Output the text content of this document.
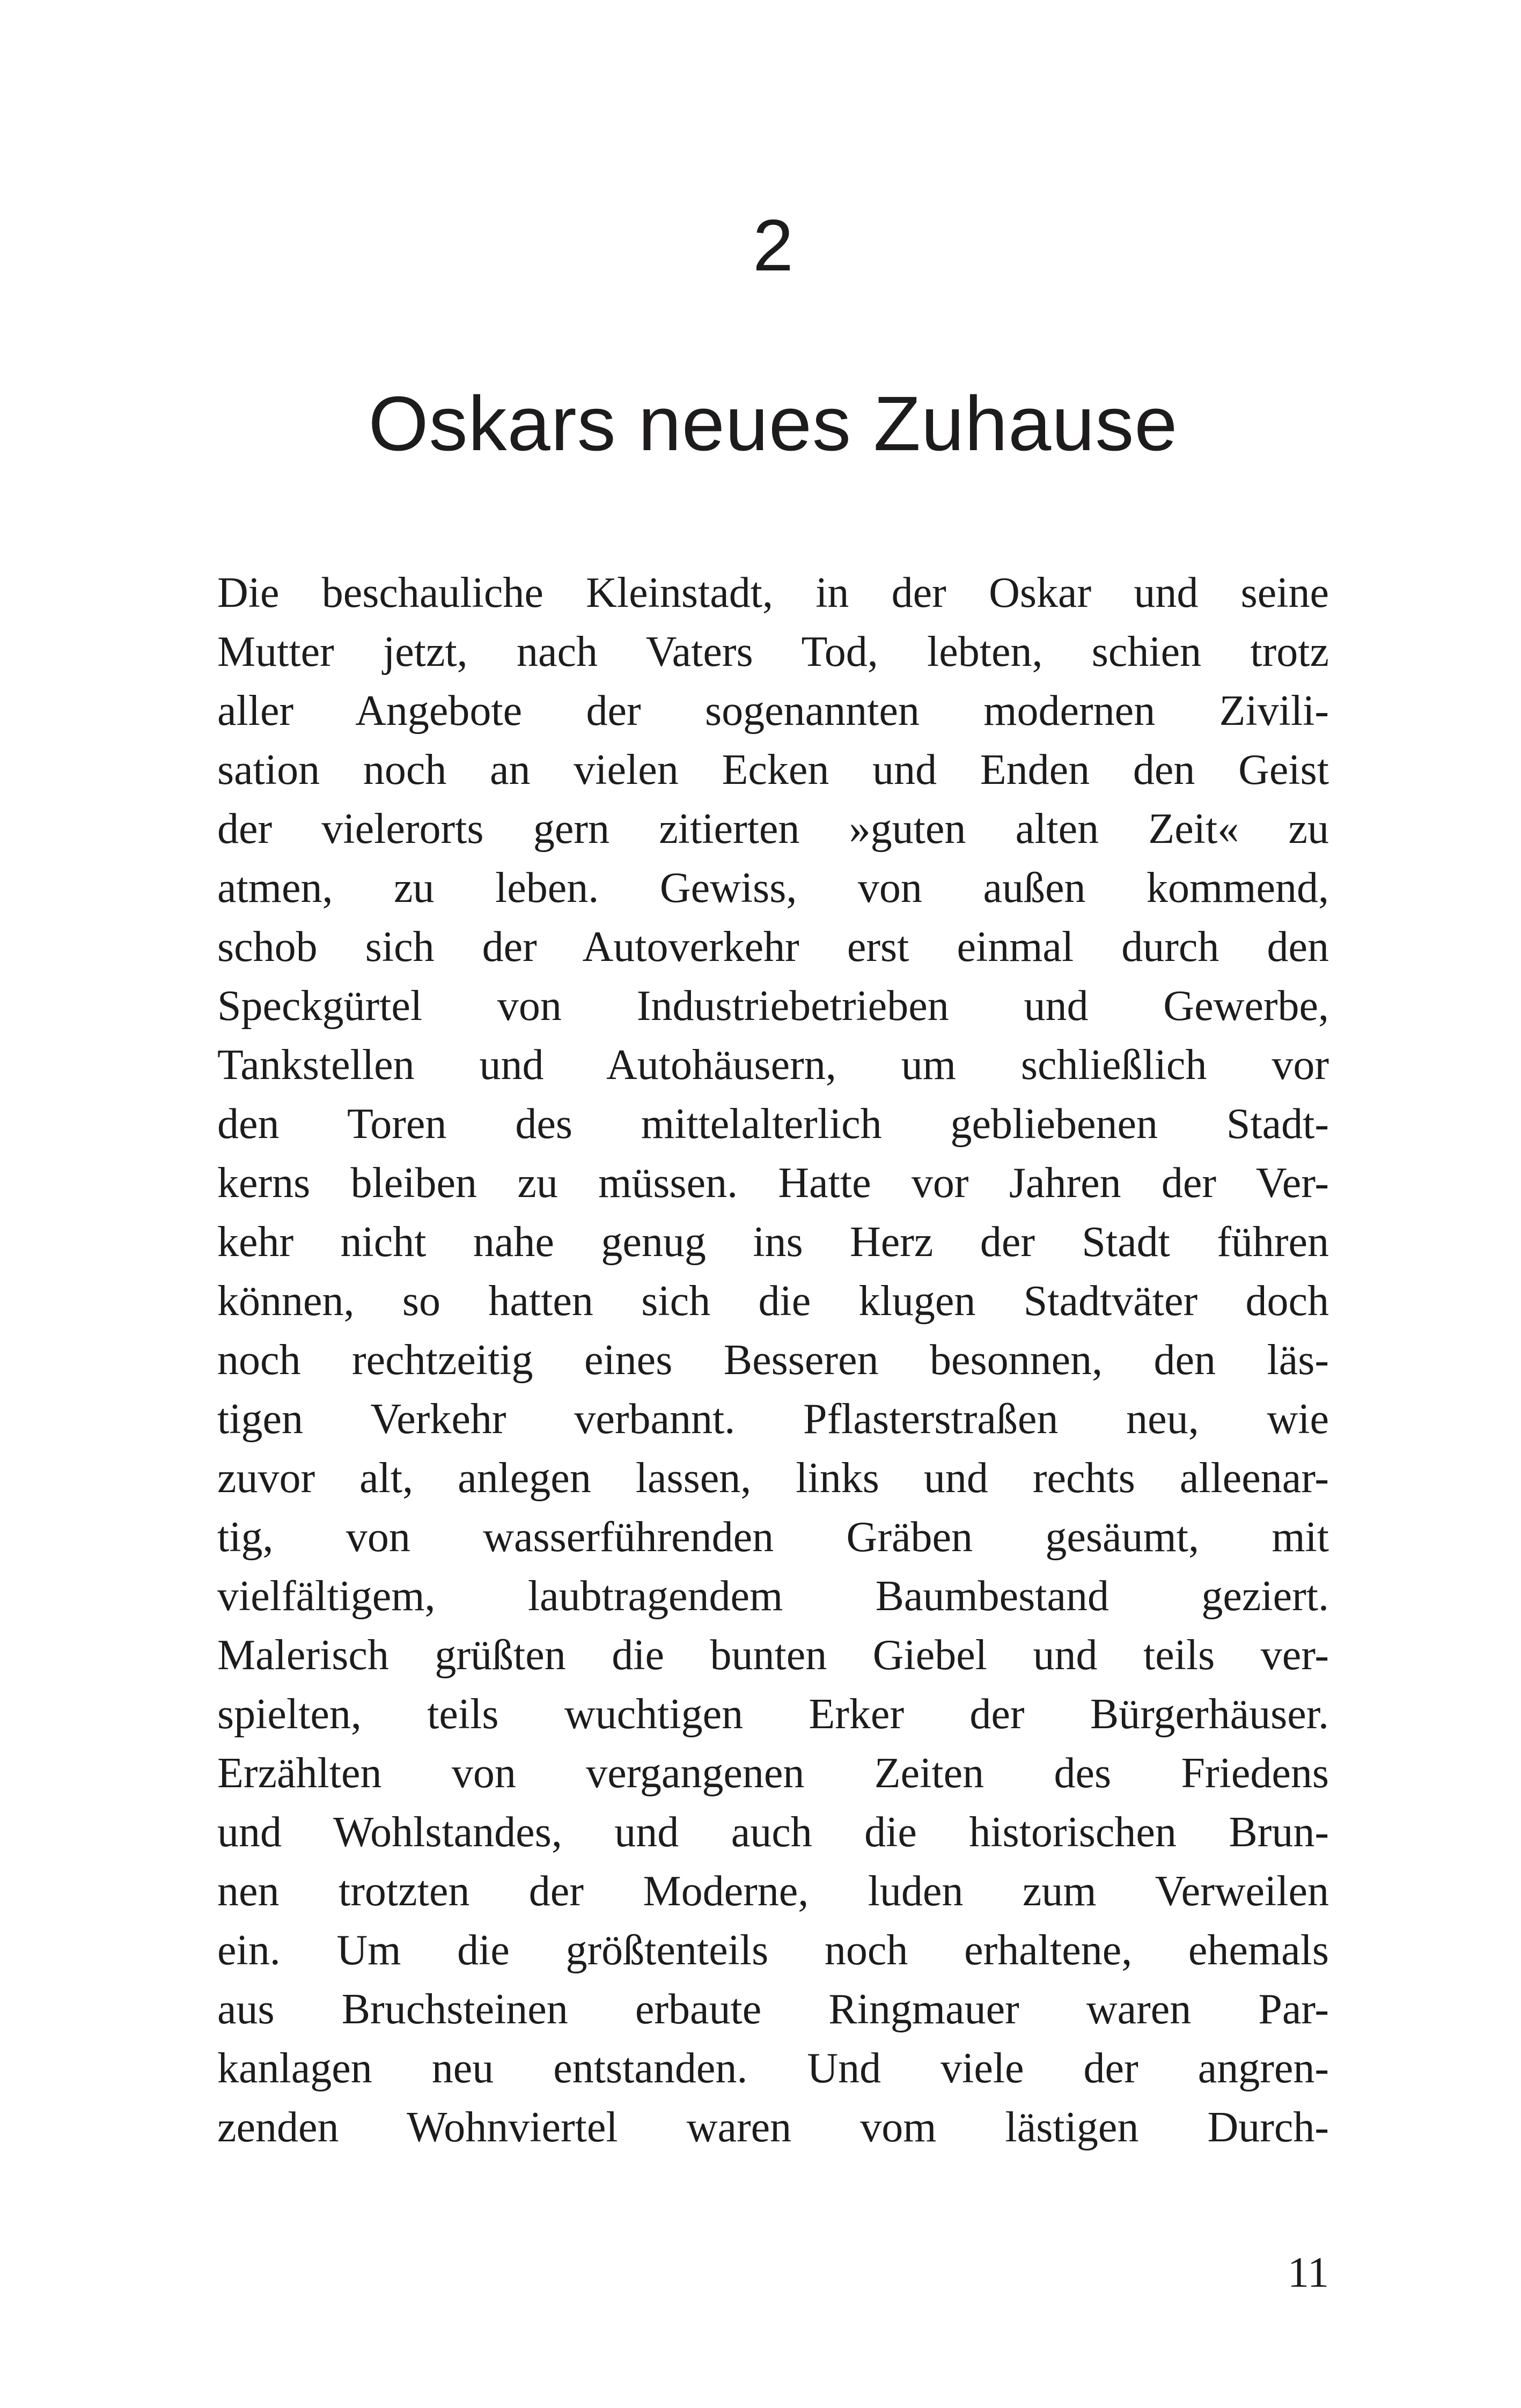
2
Oskars neues Zuhause
Die beschauliche Kleinstadt, in der Oskar und seine
Mutter jetzt, nach Vaters Tod, lebten, schien trotz
aller Angebote der sogenannten modernen Zivili-
sation noch an vielen Ecken und Enden den Geist
der vielerorts gern zitierten »guten alten Zeit« zu
atmen, zu leben. Gewiss, von außen kommend,
schob sich der Autoverkehr erst einmal durch den
Speckgürtel von Industriebetrieben und Gewerbe,
Tankstellen und Autohäusern, um schließlich vor
den Toren des mittelalterlich gebliebenen Stadt-
kerns bleiben zu müssen. Hatte vor Jahren der Ver-
kehr nicht nahe genug ins Herz der Stadt führen
können, so hatten sich die klugen Stadtväter doch
noch rechtzeitig eines Besseren besonnen, den läs-
tigen Verkehr verbannt. Pflasterstraßen neu, wie
zuvor alt, anlegen lassen, links und rechts alleenar-
tig, von wasserführenden Gräben gesäumt, mit
vielfältigem, laubtragendem Baumbestand geziert.
Malerisch grüßten die bunten Giebel und teils ver-
spielten, teils wuchtigen Erker der Bürgerhäuser.
Erzählten von vergangenen Zeiten des Friedens
und Wohlstandes, und auch die historischen Brun-
nen trotzten der Moderne, luden zum Verweilen
ein. Um die größtenteils noch erhaltene, ehemals
aus Bruchsteinen erbaute Ringmauer waren Par-
kanlagen neu entstanden. Und viele der angren-
zenden Wohnviertel waren vom lästigen Durch-
11
